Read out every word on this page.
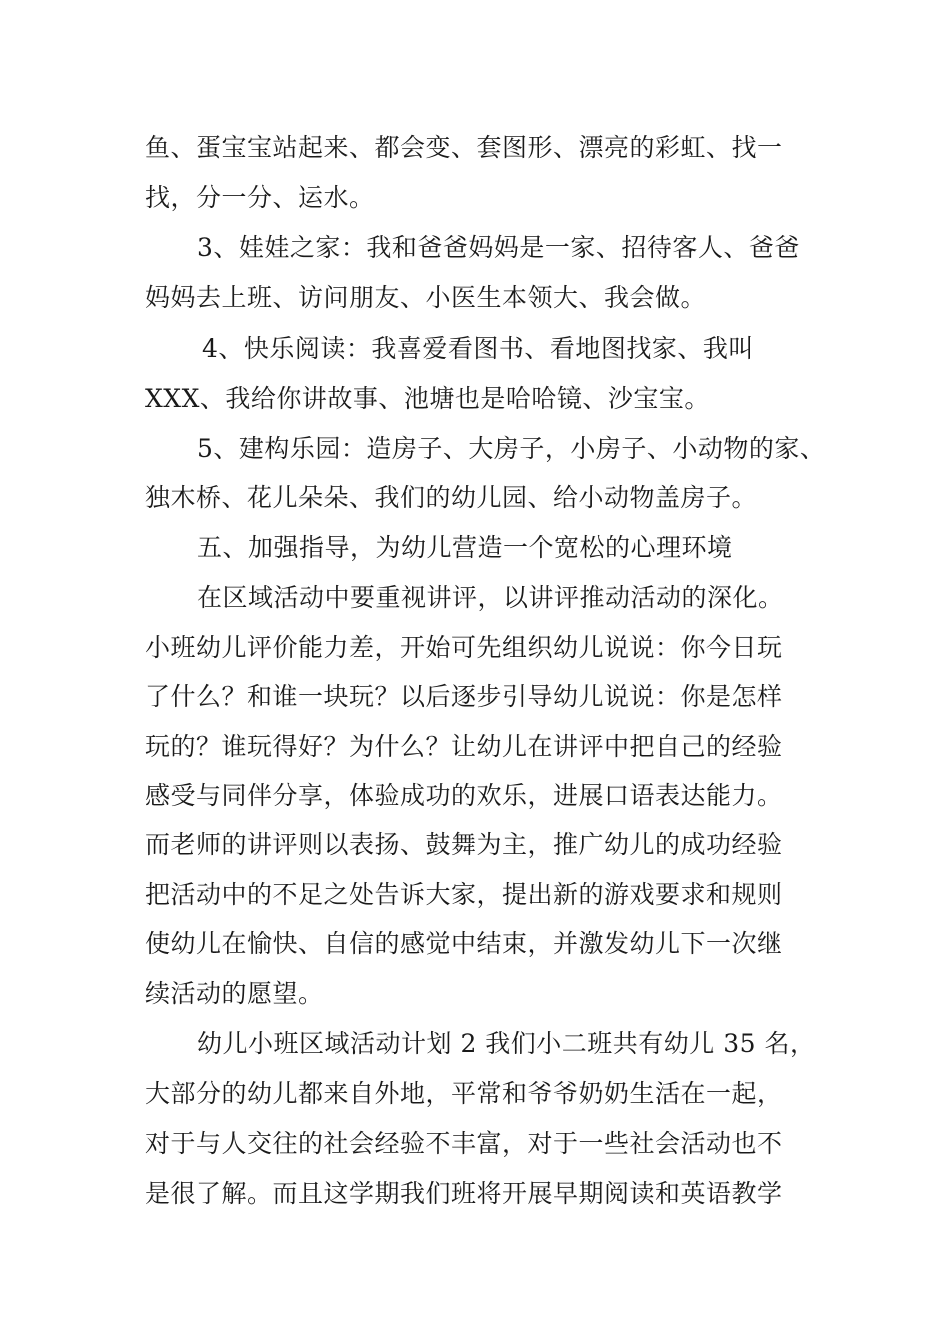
鱼、蛋宝宝站起来、都会变、套图形、漂亮的彩虹、找一
找，分一分、运水。
3、娃娃之家：我和爸爸妈妈是一家、招待客人、爸爸
妈妈去上班、访问朋友、小医生本领大、我会做。
4、快乐阅读：我喜爱看图书、看地图找家、我叫
XXX、我给你讲故事、池塘也是哈哈镜、沙宝宝。
5、建构乐园：造房子、大房子，小房子、小动物的家、
独木桥、花儿朵朵、我们的幼儿园、给小动物盖房子。
五、加强指导，为幼儿营造一个宽松的心理环境
在区域活动中要重视讲评，以讲评推动活动的深化。
小班幼儿评价能力差，开始可先组织幼儿说说：你今日玩
了什么？和谁一块玩？以后逐步引导幼儿说说：你是怎样
玩的？谁玩得好？为什么？让幼儿在讲评中把自己的经验
感受与同伴分享，体验成功的欢乐，进展口语表达能力。
而老师的讲评则以表扬、鼓舞为主，推广幼儿的成功经验
把活动中的不足之处告诉大家，提出新的游戏要求和规则
使幼儿在愉快、自信的感觉中结束，并激发幼儿下一次继
续活动的愿望。
幼儿小班区域活动计划 2 我们小二班共有幼儿 35 名，
大部分的幼儿都来自外地，平常和爷爷奶奶生活在一起，
对于与人交往的社会经验不丰富，对于一些社会活动也不
是很了解。而且这学期我们班将开展早期阅读和英语教学
